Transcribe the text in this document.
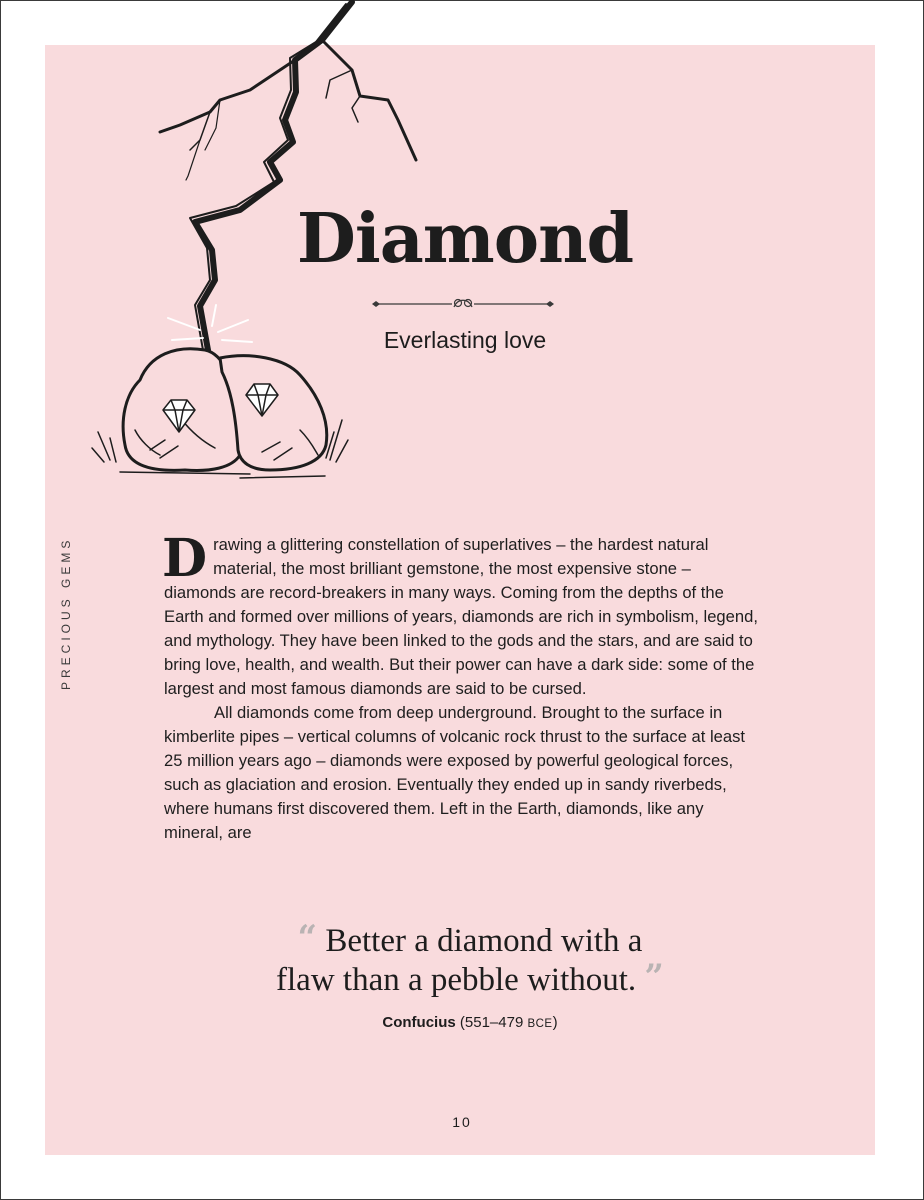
Diamond
Everlasting love
PRECIOUS GEMS Drawing a glittering constellation of superlatives – the hardest natural material, the most brilliant gemstone, the most expensive stone – diamonds are record-breakers in many ways. Coming from the depths of the Earth and formed over millions of years, diamonds are rich in symbolism, legend, and mythology. They have been linked to the gods and the stars, and are said to bring love, health, and wealth. But their power can have a dark side: some of the largest and most famous diamonds are said to be cursed.

All diamonds come from deep underground. Brought to the surface in kimberlite pipes – vertical columns of volcanic rock thrust to the surface at least 25 million years ago – diamonds were exposed by powerful geological forces, such as glaciation and erosion. Eventually they ended up in sandy riverbeds, where humans first discovered them. Left in the Earth, diamonds, like any mineral, are

“ Better a diamond with a
flaw than a pebble without. ”
Confucius (551–479 BCE)
10
